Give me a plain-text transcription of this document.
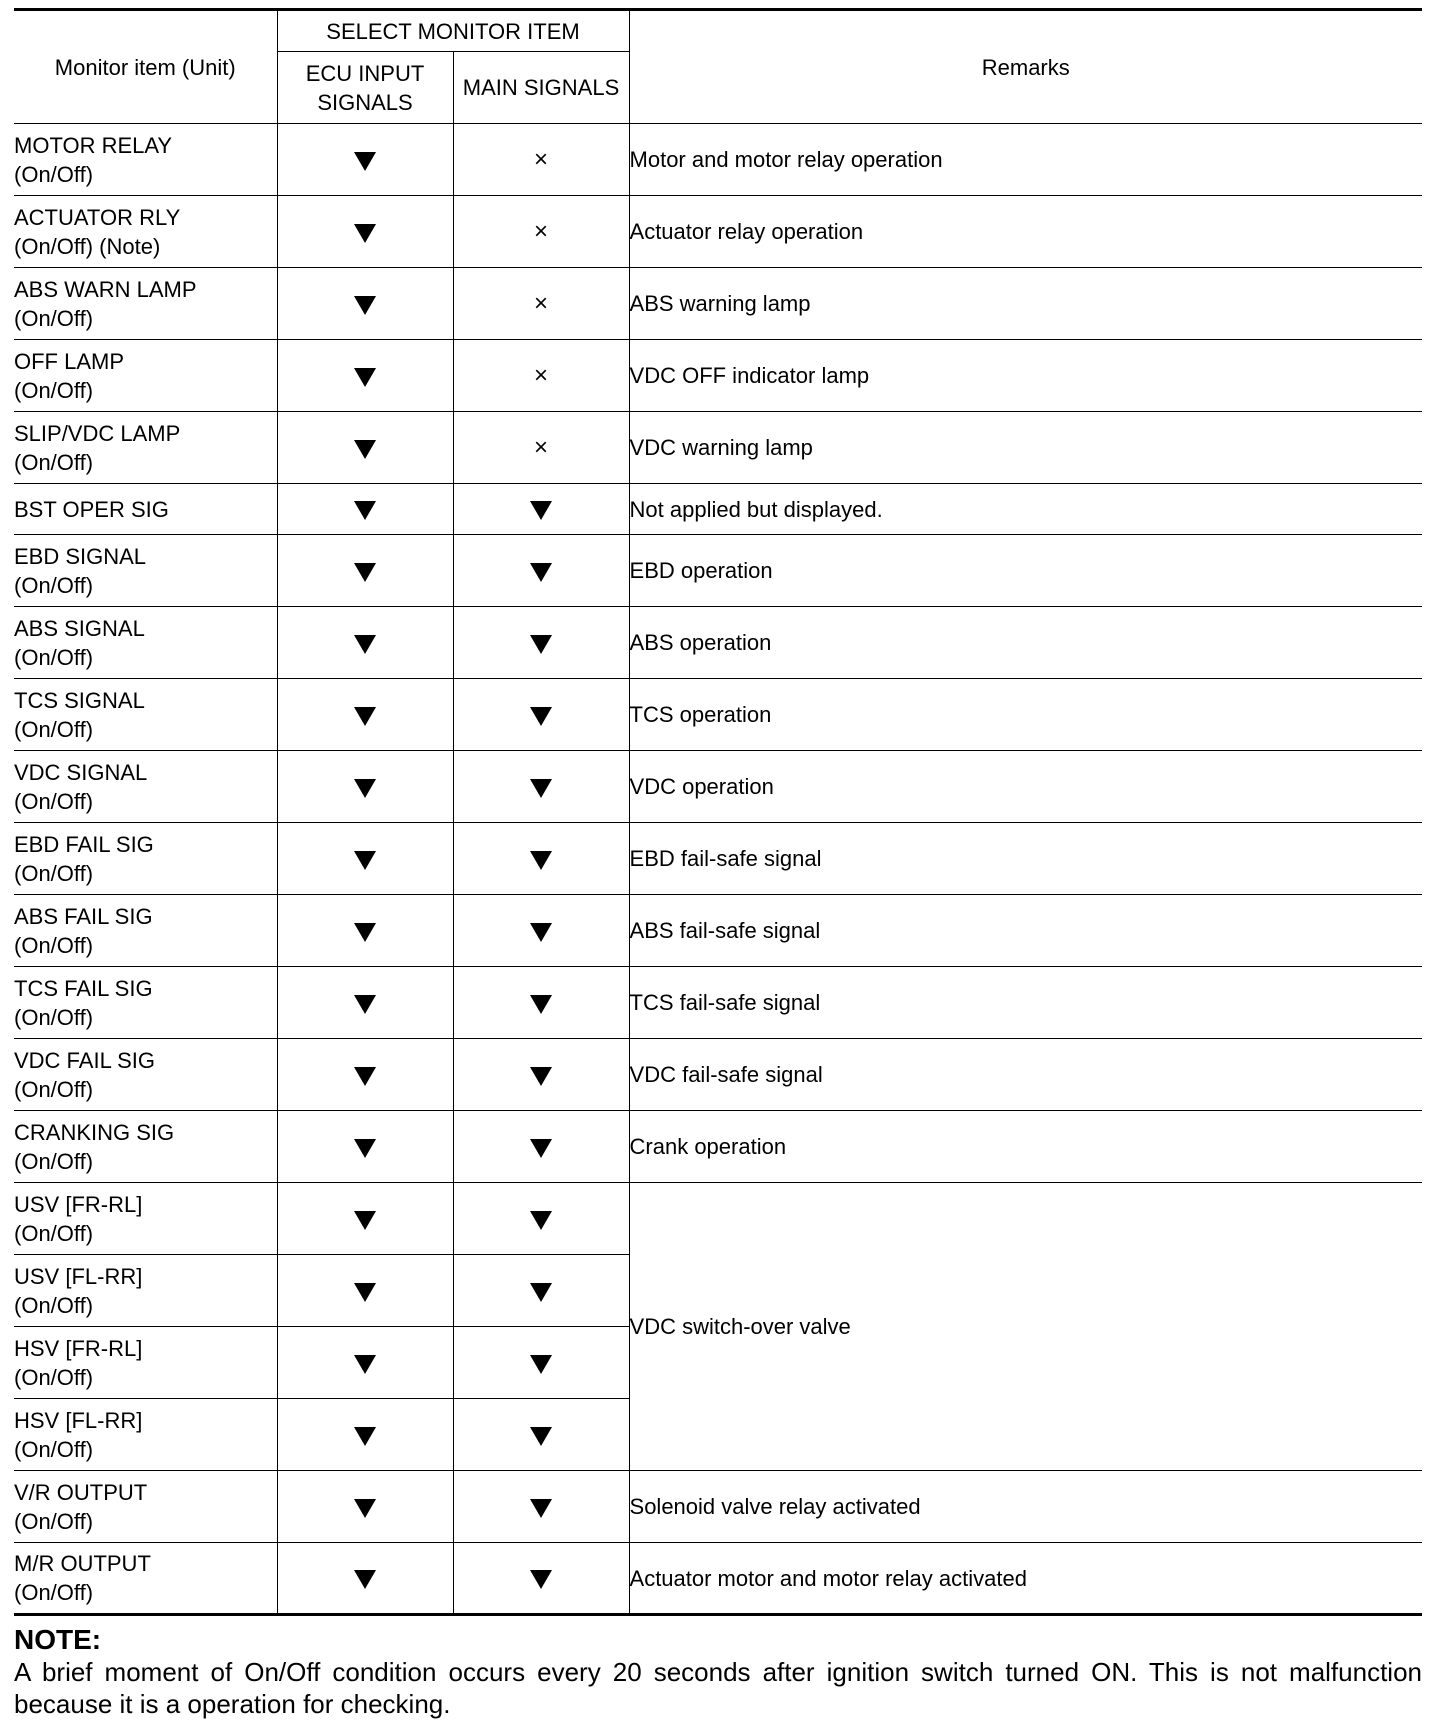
Monitor item (Unit)	SELECT MONITOR ITEM		Remarks
	ECU INPUT
SIGNALS	MAIN SIGNALS	

MOTOR RELAY
(On/Off)		×	Motor and motor relay operation

ACTUATOR RLY
(On/Off) (Note)		×	Actuator relay operation

ABS WARN LAMP
(On/Off)		×	ABS warning lamp

OFF LAMP
(On/Off)		×	VDC OFF indicator lamp

SLIP/VDC LAMP
(On/Off)		×	VDC warning lamp

BST OPER SIG			Not applied but displayed.

EBD SIGNAL
(On/Off)			EBD operation

ABS SIGNAL
(On/Off)			ABS operation

TCS SIGNAL
(On/Off)			TCS operation

VDC SIGNAL
(On/Off)			VDC operation

EBD FAIL SIG
(On/Off)			EBD fail-safe signal

ABS FAIL SIG
(On/Off)			ABS fail-safe signal

TCS FAIL SIG
(On/Off)			TCS fail-safe signal

VDC FAIL SIG
(On/Off)			VDC fail-safe signal

CRANKING SIG
(On/Off)			Crank operation

USV [FR-RL]
(On/Off)			VDC switch-over valve

USV [FL-RR]
(On/Off)			

HSV [FR-RL]
(On/Off)			

HSV [FL-RR]
(On/Off)			

V/R OUTPUT
(On/Off)			Solenoid valve relay activated

M/R OUTPUT
(On/Off)			Actuator motor and motor relay activated
NOTE:
A brief moment of On/Off condition occurs every 20 seconds after ignition switch turned ON. This is not malfunction because it is a operation for checking.
